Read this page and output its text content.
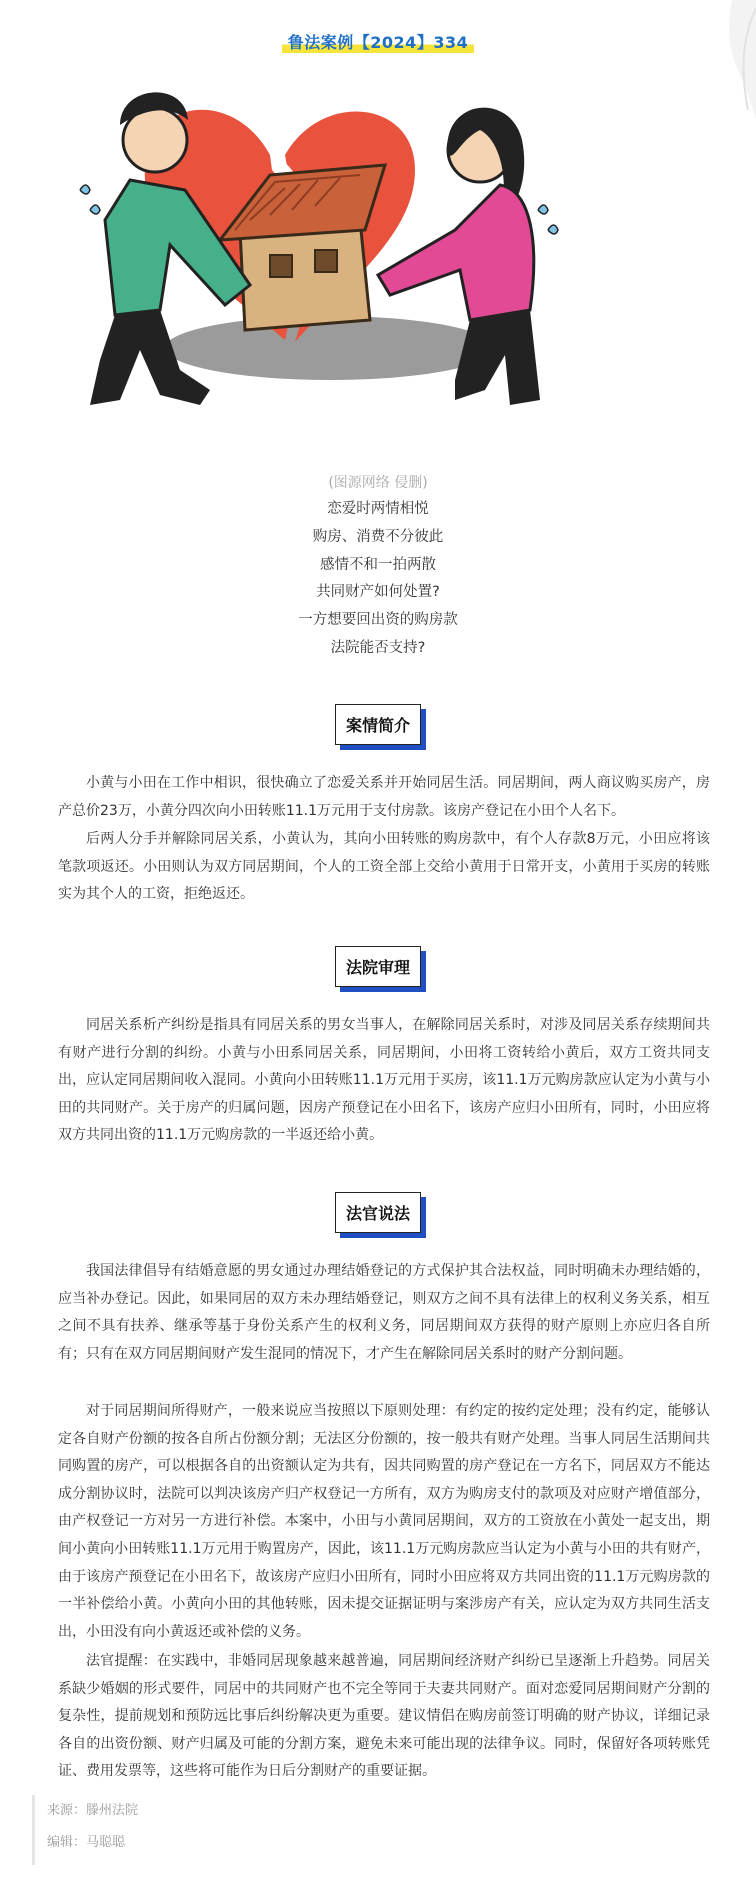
鲁法案例【2024】334
(图源网络 侵删)
恋爱时两情相悦
购房、消费不分彼此
感情不和一拍两散
共同财产如何处置?
一方想要回出资的购房款
法院能否支持?
案情简介

小黄与小田在工作中相识，很快确立了恋爱关系并开始同居生活。同居期间，两人商议购买房产，房产总价23万，小黄分四次向小田转账11.1万元用于支付房款。该房产登记在小田个人名下。

后两人分手并解除同居关系，小黄认为，其向小田转账的购房款中，有个人存款8万元，小田应将该笔款项返还。小田则认为双方同居期间，个人的工资全部上交给小黄用于日常开支，小黄用于买房的转账实为其个人的工资，拒绝返还。

法院审理

同居关系析产纠纷是指具有同居关系的男女当事人，在解除同居关系时，对涉及同居关系存续期间共有财产进行分割的纠纷。小黄与小田系同居关系，同居期间，小田将工资转给小黄后，双方工资共同支出，应认定同居期间收入混同。小黄向小田转账11.1万元用于买房，该11.1万元购房款应认定为小黄与小田的共同财产。关于房产的归属问题，因房产预登记在小田名下，该房产应归小田所有，同时，小田应将双方共同出资的11.1万元购房款的一半返还给小黄。

法官说法

我国法律倡导有结婚意愿的男女通过办理结婚登记的方式保护其合法权益，同时明确未办理结婚的，应当补办登记。因此，如果同居的双方未办理结婚登记，则双方之间不具有法律上的权利义务关系，相互之间不具有扶养、继承等基于身份关系产生的权利义务，同居期间双方获得的财产原则上亦应归各自所有；只有在双方同居期间财产发生混同的情况下，才产生在解除同居关系时的财产分割问题。

对于同居期间所得财产，一般来说应当按照以下原则处理：有约定的按约定处理；没有约定，能够认定各自财产份额的按各自所占份额分割；无法区分份额的，按一般共有财产处理。当事人同居生活期间共同购置的房产，可以根据各自的出资额认定为共有，因共同购置的房产登记在一方名下，同居双方不能达成分割协议时，法院可以判决该房产归产权登记一方所有，双方为购房支付的款项及对应财产增值部分，由产权登记一方对另一方进行补偿。本案中，小田与小黄同居期间，双方的工资放在小黄处一起支出，期间小黄向小田转账11.1万元用于购置房产，因此，该11.1万元购房款应当认定为小黄与小田的共有财产，由于该房产预登记在小田名下，故该房产应归小田所有，同时小田应将双方共同出资的11.1万元购房款的一半补偿给小黄。小黄向小田的其他转账，因未提交证据证明与案涉房产有关，应认定为双方共同生活支出，小田没有向小黄返还或补偿的义务。

法官提醒：在实践中，非婚同居现象越来越普遍，同居期间经济财产纠纷已呈逐渐上升趋势。同居关系缺少婚姻的形式要件，同居中的共同财产也不完全等同于夫妻共同财产。面对恋爱同居期间财产分割的复杂性，提前规划和预防远比事后纠纷解决更为重要。建议情侣在购房前签订明确的财产协议，详细记录各自的出资份额、财产归属及可能的分割方案，避免未来可能出现的法律争议。同时，保留好各项转账凭证、费用发票等，这些将可能作为日后分割财产的重要证据。

来源：滕州法院
编辑：马聪聪
